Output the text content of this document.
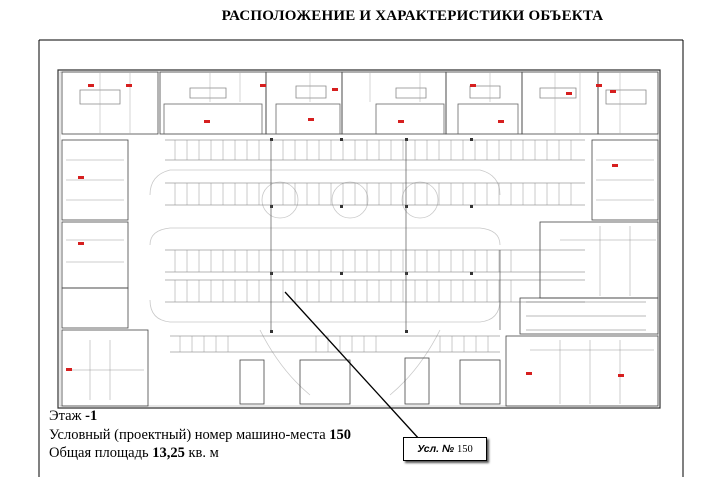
РАСПОЛОЖЕНИЕ И ХАРАКТЕРИСТИКИ ОБЪЕКТА
Этаж -1
Условный (проектный) номер машино-места 150
Общая площадь 13,25 кв. м	Усл. № 150
